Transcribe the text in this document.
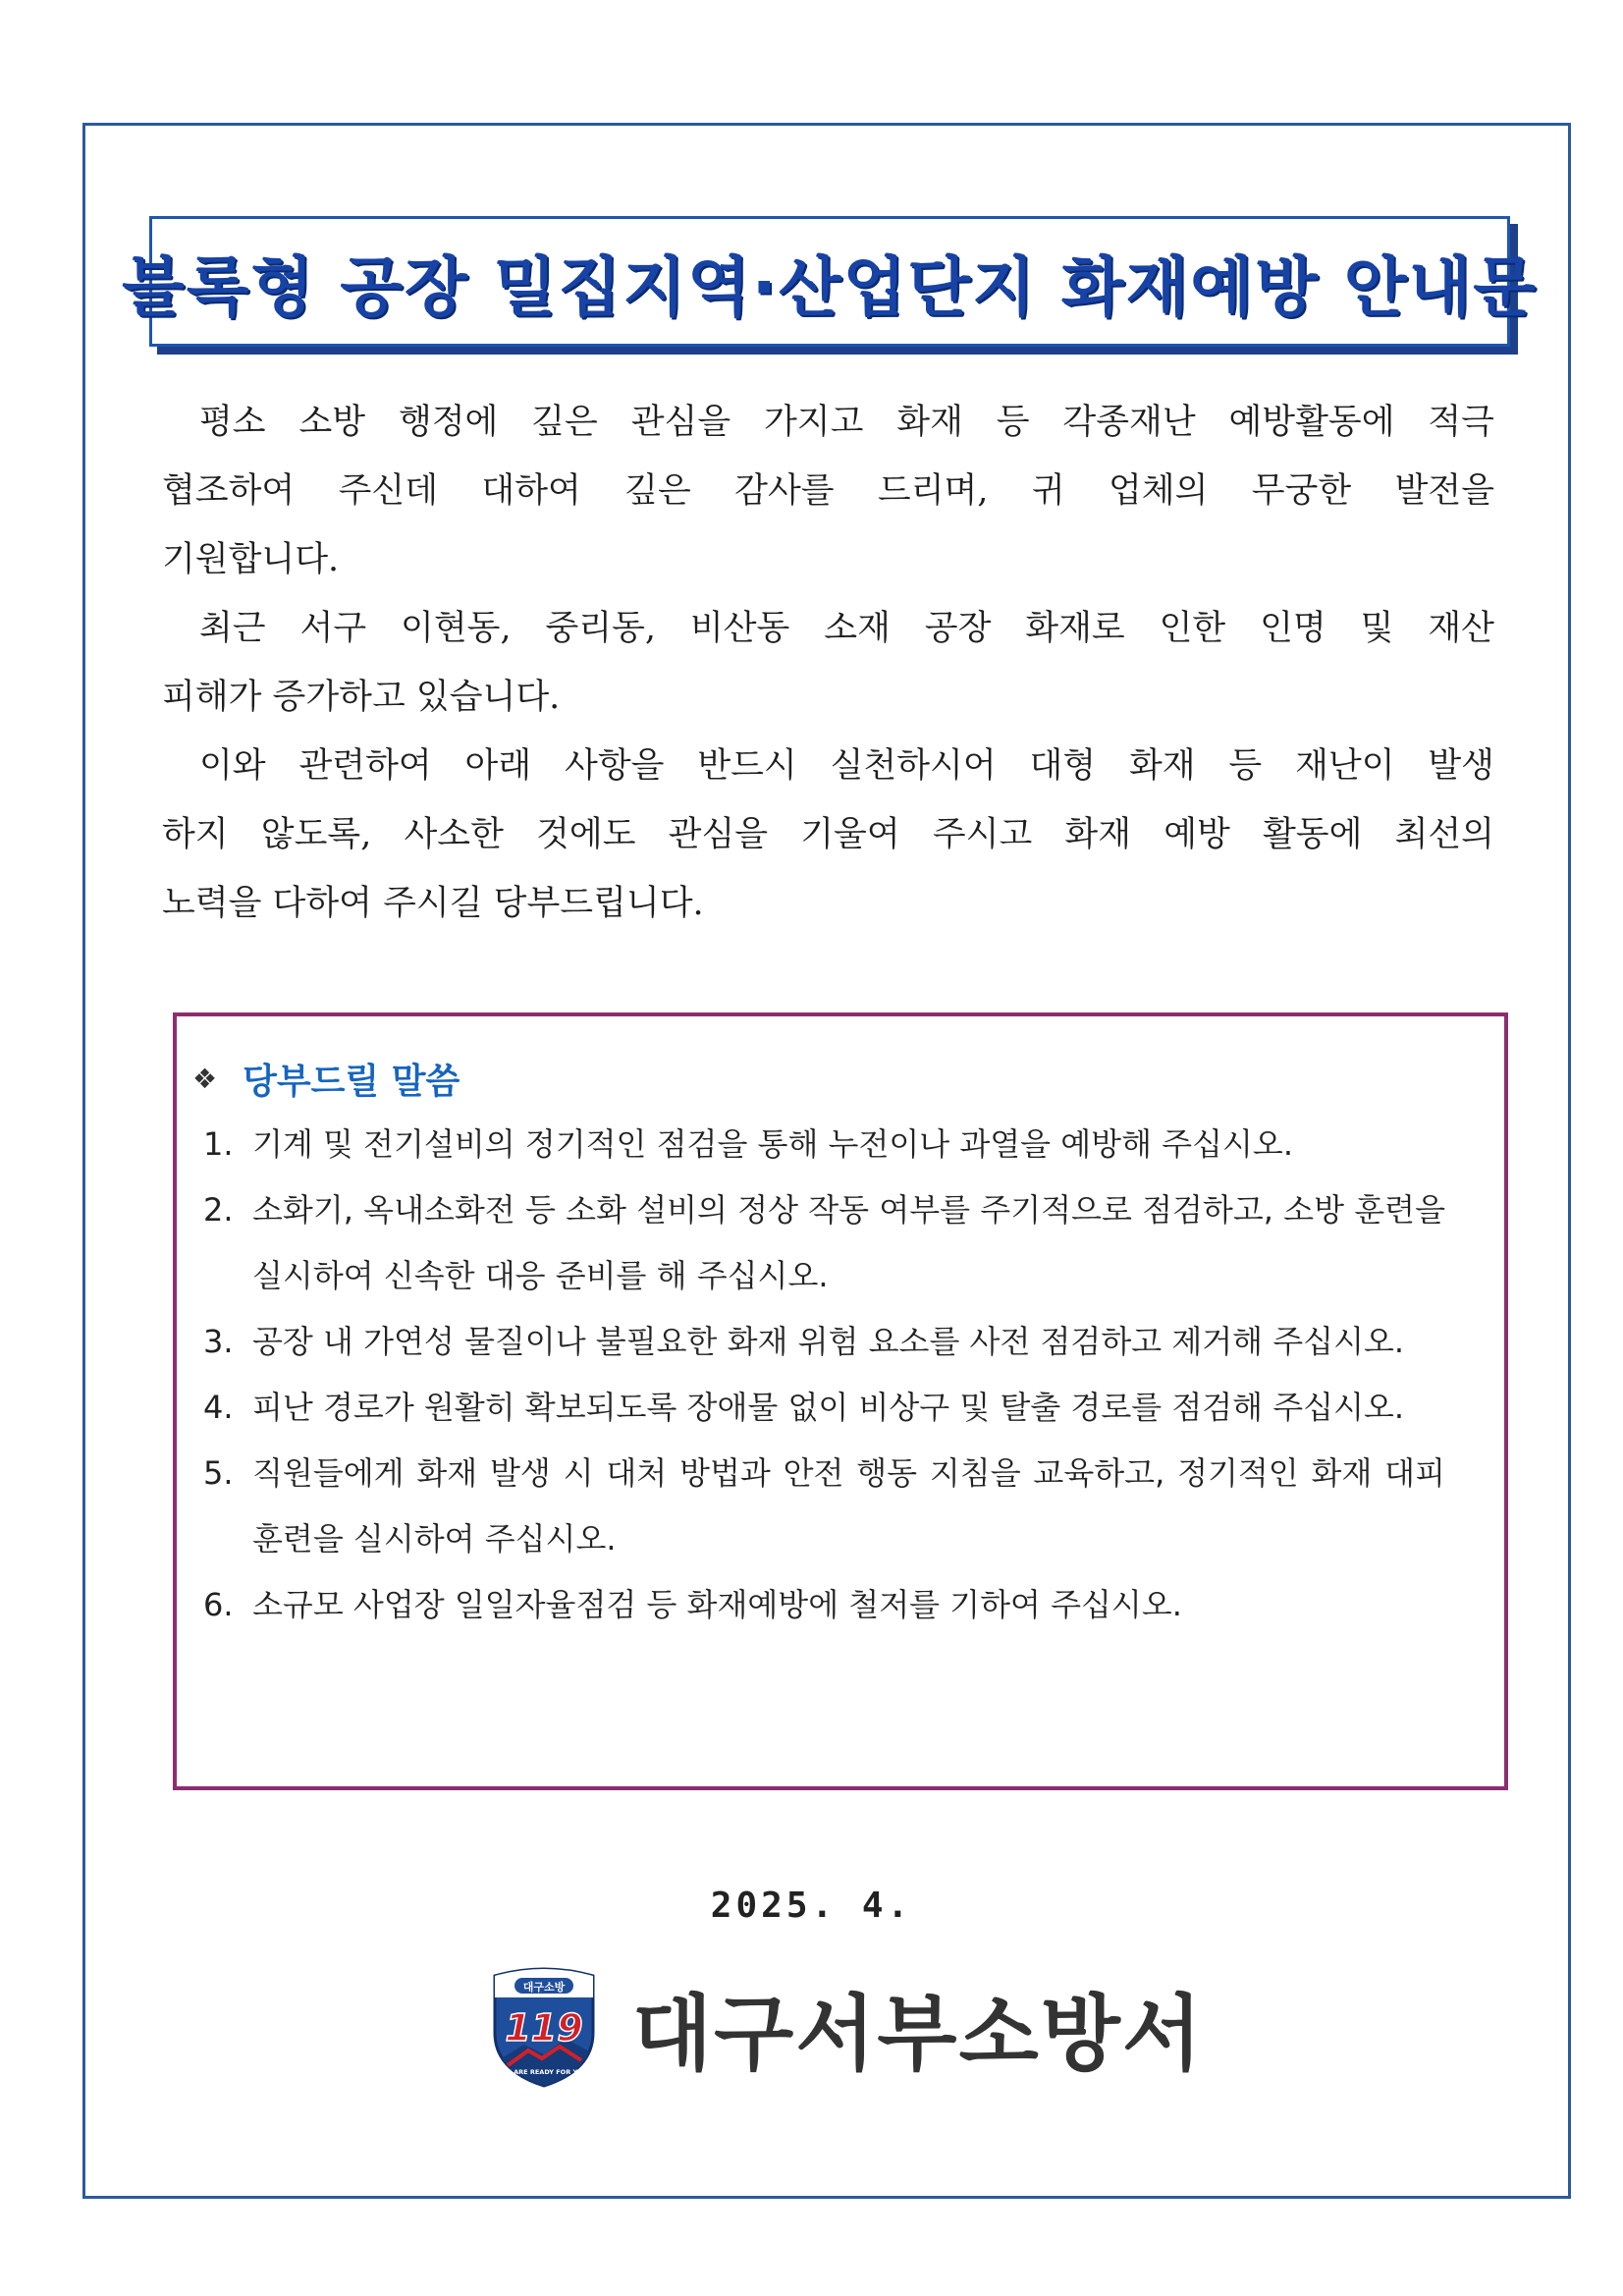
블록형 공장 밀집지역·산업단지 화재예방 안내문

평소 소방 행정에 깊은 관심을 가지고 화재 등 각종재난 예방활동에 적극

협조하여 주신데 대하여 깊은 감사를 드리며, 귀 업체의 무궁한 발전을

기원합니다.

최근 서구 이현동, 중리동, 비산동 소재 공장 화재로 인한 인명 및 재산

피해가 증가하고 있습니다.

이와 관련하여 아래 사항을 반드시 실천하시어 대형 화재 등 재난이 발생

하지 않도록, 사소한 것에도 관심을 기울여 주시고 화재 예방 활동에 최선의

노력을 다하여 주시길 당부드립니다.

❖ 당부드릴 말씀
1. 기계 및 전기설비의 정기적인 점검을 통해 누전이나 과열을 예방해 주십시오.
2. 소화기, 옥내소화전 등 소화 설비의 정상 작동 여부를 주기적으로 점검하고, 소방 훈련을 실시하여 신속한 대응 준비를 해 주십시오.
3. 공장 내 가연성 물질이나 불필요한 화재 위험 요소를 사전 점검하고 제거해 주십시오.
4. 피난 경로가 원활히 확보되도록 장애물 없이 비상구 및 탈출 경로를 점검해 주십시오.
5. 직원들에게 화재 발생 시 대처 방법과 안전 행동 지침을 교육하고, 정기적인 화재 대피 훈련을 실시하여 주십시오.
6. 소규모 사업장 일일자율점검 등 화재예방에 철저를 기하여 주십시오.
2025. 4.
대구소방
119
WE ARE READY FOR YOU 대구서부소방서
